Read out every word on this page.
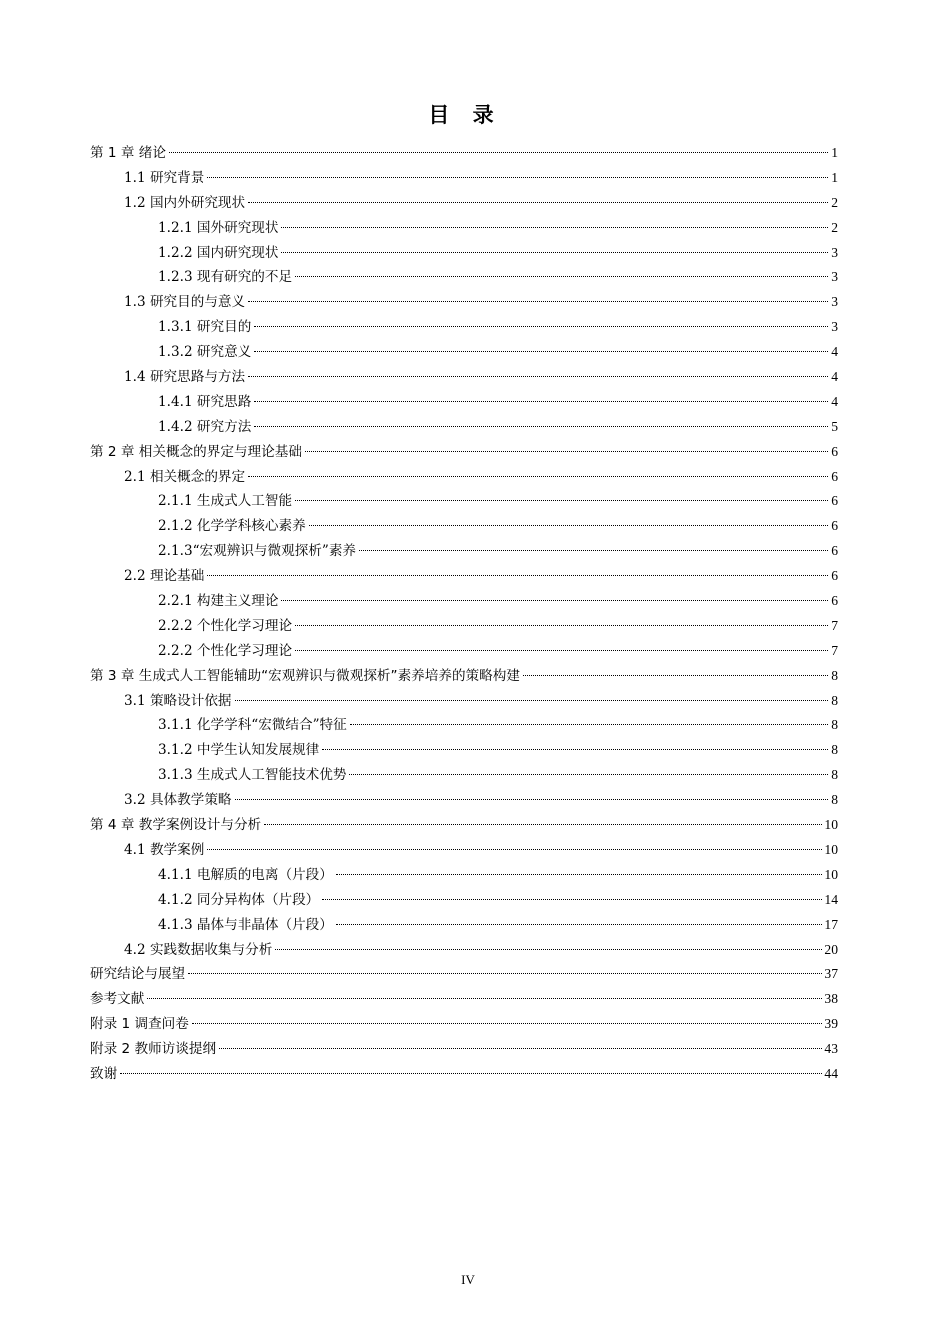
目 录
第 1 章 绪论	1
1.1 研究背景	1
1.2 国内外研究现状	2
1.2.1 国外研究现状	2
1.2.2 国内研究现状	3
1.2.3 现有研究的不足	3
1.3 研究目的与意义	3
1.3.1 研究目的	3
1.3.2 研究意义	4
1.4 研究思路与方法	4
1.4.1 研究思路	4
1.4.2 研究方法	5
第 2 章 相关概念的界定与理论基础	6
2.1 相关概念的界定	6
2.1.1 生成式人工智能	6
2.1.2 化学学科核心素养	6
2.1.3“宏观辨识与微观探析”素养	6
2.2 理论基础	6
2.2.1 构建主义理论	6
2.2.2 个性化学习理论	7
2.2.2 个性化学习理论	7
第 3 章 生成式人工智能辅助“宏观辨识与微观探析”素养培养的策略构建	8
3.1 策略设计依据	8
3.1.1 化学学科“宏微结合”特征	8
3.1.2 中学生认知发展规律	8
3.1.3 生成式人工智能技术优势	8
3.2 具体教学策略	8
第 4 章 教学案例设计与分析	10
4.1 教学案例	10
4.1.1 电解质的电离（片段）	10
4.1.2 同分异构体（片段）	14
4.1.3 晶体与非晶体（片段）	17
4.2 实践数据收集与分析	20
研究结论与展望	37
参考文献	38
附录 1 调查问卷	39
附录 2 教师访谈提纲	43
致谢	44
IV
